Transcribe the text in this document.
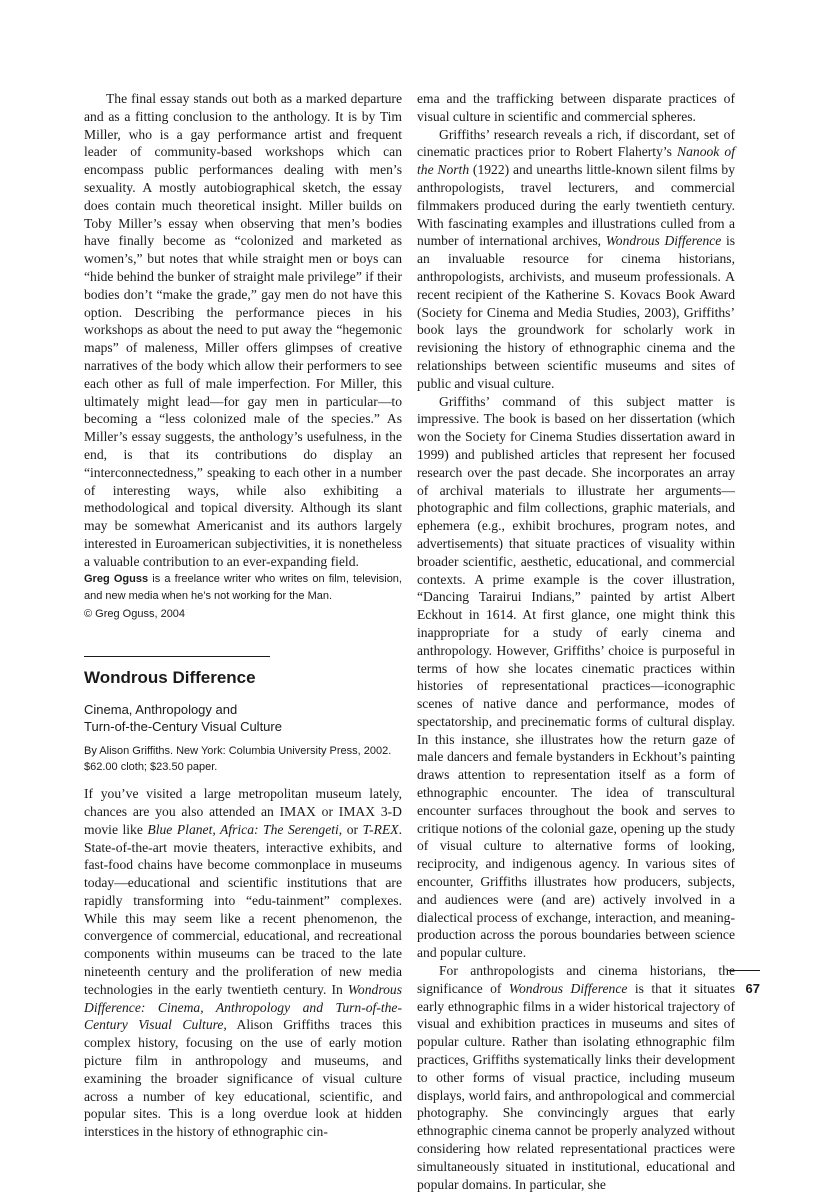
The final essay stands out both as a marked departure and as a fitting conclusion to the anthology. It is by Tim Miller, who is a gay performance artist and frequent leader of community-based workshops which can encompass public performances dealing with men’s sexuality. A mostly autobiographical sketch, the essay does contain much theoretical insight. Miller builds on Toby Miller’s essay when observing that men’s bodies have finally become as “colonized and marketed as women’s,” but notes that while straight men or boys can “hide behind the bunker of straight male privilege” if their bodies don’t “make the grade,” gay men do not have this option. Describing the performance pieces in his workshops as about the need to put away the “hegemonic maps” of maleness, Miller offers glimpses of creative narratives of the body which allow their performers to see each other as full of male imperfection. For Miller, this ultimately might lead—for gay men in particular—to becoming a “less colonized male of the species.” As Miller’s essay suggests, the anthology’s usefulness, in the end, is that its contributions do display an “interconnectedness,” speaking to each other in a number of interesting ways, while also exhibiting a methodological and topical diversity. Although its slant may be somewhat Americanist and its authors largely interested in Euroamerican subjectivities, it is nonetheless a valuable contribution to an ever-expanding field.

Greg Oguss is a freelance writer who writes on film, television, and new media when he’s not working for the Man.

© Greg Oguss, 2004

Wondrous Difference
Cinema, Anthropology and
Turn-of-the-Century Visual Culture
By Alison Griffiths. New York: Columbia University Press, 2002. $62.00 cloth; $23.50 paper.

If you’ve visited a large metropolitan museum lately, chances are you also attended an IMAX or IMAX 3-D movie like Blue Planet, Africa: The Serengeti, or T-REX. State-of-the-art movie theaters, interactive exhibits, and fast-food chains have become commonplace in museums today—educational and scientific institutions that are rapidly transforming into “edu-tainment” complexes. While this may seem like a recent phenomenon, the convergence of commercial, educational, and recreational components within museums can be traced to the late nineteenth century and the proliferation of new media technologies in the early twentieth century. In Wondrous Difference: Cinema, Anthropology and Turn-of-the-Century Visual Culture, Alison Griffiths traces this complex history, focusing on the use of early motion picture film in anthropology and museums, and examining the broader significance of visual culture across a number of key educational, scientific, and popular sites. This is a long overdue look at hidden interstices in the history of ethnographic cin-

ema and the trafficking between disparate practices of visual culture in scientific and commercial spheres.

Griffiths’ research reveals a rich, if discordant, set of cinematic practices prior to Robert Flaherty’s Nanook of the North (1922) and unearths little-known silent films by anthropologists, travel lecturers, and commercial filmmakers produced during the early twentieth century. With fascinating examples and illustrations culled from a number of international archives, Wondrous Difference is an invaluable resource for cinema historians, anthropologists, archivists, and museum professionals. A recent recipient of the Katherine S. Kovacs Book Award (Society for Cinema and Media Studies, 2003), Griffiths’ book lays the groundwork for scholarly work in revisioning the history of ethnographic cinema and the relationships between scientific museums and sites of public and visual culture.

Griffiths’ command of this subject matter is impressive. The book is based on her dissertation (which won the Society for Cinema Studies dissertation award in 1999) and published articles that represent her focused research over the past decade. She incorporates an array of archival materials to illustrate her arguments—photographic and film collections, graphic materials, and ephemera (e.g., exhibit brochures, program notes, and advertisements) that situate practices of visuality within broader scientific, aesthetic, educational, and commercial contexts. A prime example is the cover illustration, “Dancing Tarairui Indians,” painted by artist Albert Eckhout in 1614. At first glance, one might think this inappropriate for a study of early cinema and anthropology. However, Griffiths’ choice is purposeful in terms of how she locates cinematic practices within histories of representational practices—iconographic scenes of native dance and performance, modes of spectatorship, and precinematic forms of cultural display. In this instance, she illustrates how the return gaze of male dancers and female bystanders in Eckhout’s painting draws attention to representation itself as a form of ethnographic encounter. The idea of transcultural encounter surfaces throughout the book and serves to critique notions of the colonial gaze, opening up the study of visual culture to alternative forms of looking, reciprocity, and indigenous agency. In various sites of encounter, Griffiths illustrates how producers, subjects, and audiences were (and are) actively involved in a dialectical process of exchange, interaction, and meaning-production across the porous boundaries between science and popular culture.

For anthropologists and cinema historians, the significance of Wondrous Difference is that it situates early ethnographic films in a wider historical trajectory of visual and exhibition practices in museums and sites of popular culture. Rather than isolating ethnographic film practices, Griffiths systematically links their development to other forms of visual practice, including museum displays, world fairs, and anthropological and commercial photography. She convincingly argues that early ethnographic cinema cannot be properly analyzed without considering how related representational practices were simultaneously situated in institutional, educational and popular domains. In particular, she

67
